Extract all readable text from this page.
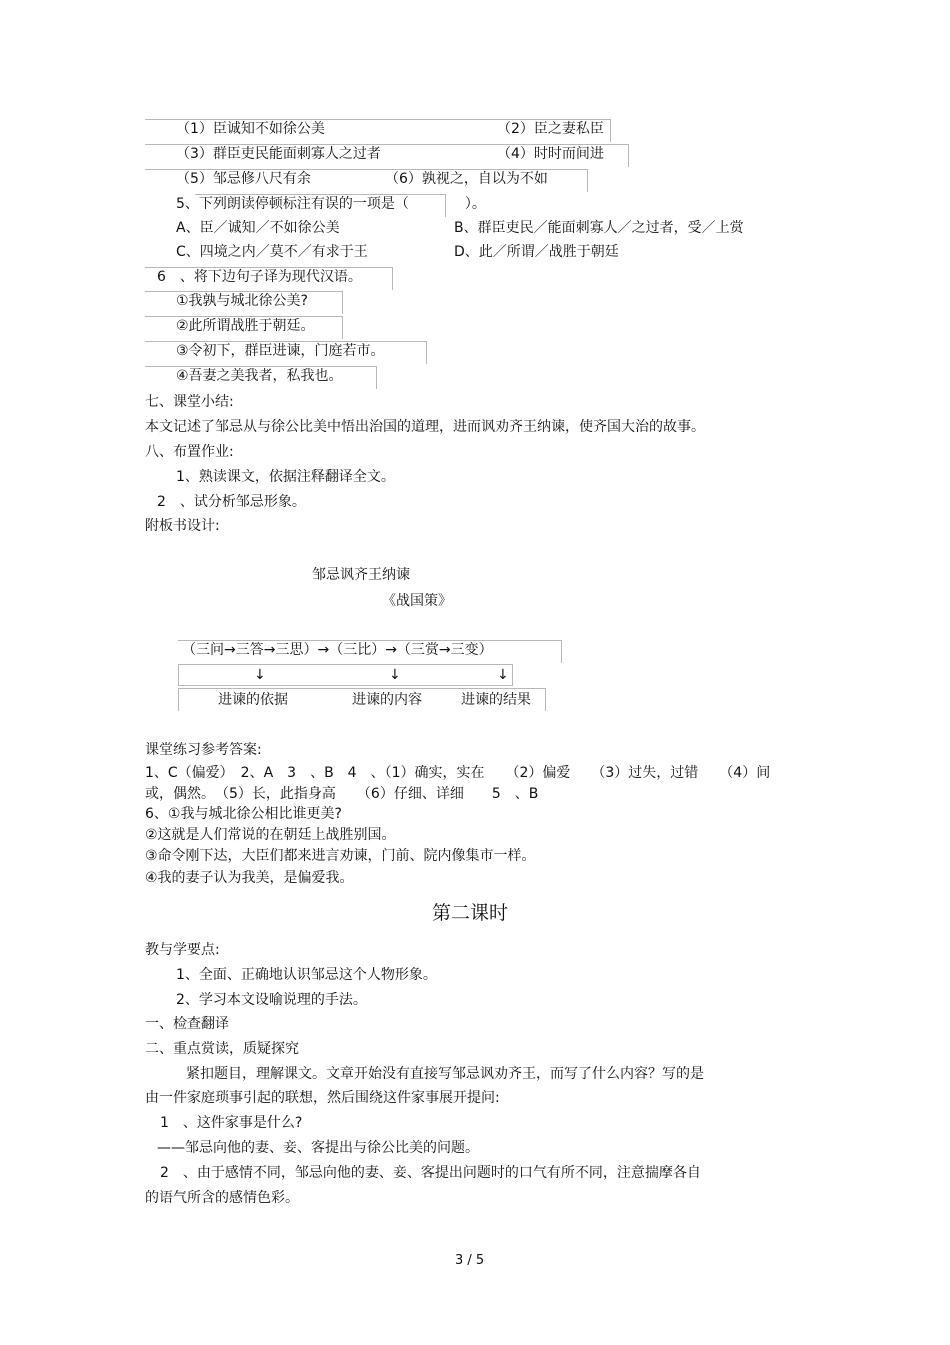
（1）臣诚知不如徐公美	（2）臣之妻私臣
（3）群臣吏民能面刺寡人之过者	（4）时时而间进
（5）邹忌修八尺有余	（6）孰视之，自以为不如
5、下列朗读停顿标注有误的一项是（　　　　）。
A、臣／诚知／不如徐公美	B、群臣吏民／能面刺寡人／之过者，受／上赏
C、四境之内／莫不／有求于王	D、此／所谓／战胜于朝廷
6　、将下边句子译为现代汉语。
①我孰与城北徐公美?
②此所谓战胜于朝廷。
③令初下，群臣进谏，门庭若市。
④吾妻之美我者，私我也。
七、课堂小结:
本文记述了邹忌从与徐公比美中悟出治国的道理，进而讽劝齐王纳谏，使齐国大治的故事。
八、布置作业:
1、熟读课文，依据注释翻译全文。
2　、试分析邹忌形象。
附板书设计:
邹忌讽齐王纳谏
《战国策》
（三问→三答→三思）→（三比）→（三赏→三变）
↓	↓	↓
进谏的依据	进谏的内容	进谏的结果
课堂练习参考答案:
1、C（偏爱）　2、A　3　、B　4　、（1）确实，实在　　（2）偏爱　　（3）过失，过错　　（4）间
或，偶然。　（5）长，此指身高　　（6）仔细、详细　　5　、B
6、①我与城北徐公相比谁更美?
②这就是人们常说的在朝廷上战胜别国。
③命令刚下达，大臣们都来进言劝谏，门前、院内像集市一样。
④我的妻子认为我美，是偏爱我。
第二课时
教与学要点:
1、全面、正确地认识邹忌这个人物形象。
2、学习本文设喻说理的手法。
一、检查翻译
二、重点赏读，质疑探究
紧扣题目，理解课文。文章开始没有直接写邹忌讽劝齐王，而写了什么内容？写的是
由一件家庭琐事引起的联想，然后围绕这件家事展开提问:
1　、这件家事是什么?
——邹忌向他的妻、妾、客提出与徐公比美的问题。
2　、由于感情不同，邹忌向他的妻、妾、客提出问题时的口气有所不同，注意揣摩各自
的语气所含的感情色彩。
3 / 5
